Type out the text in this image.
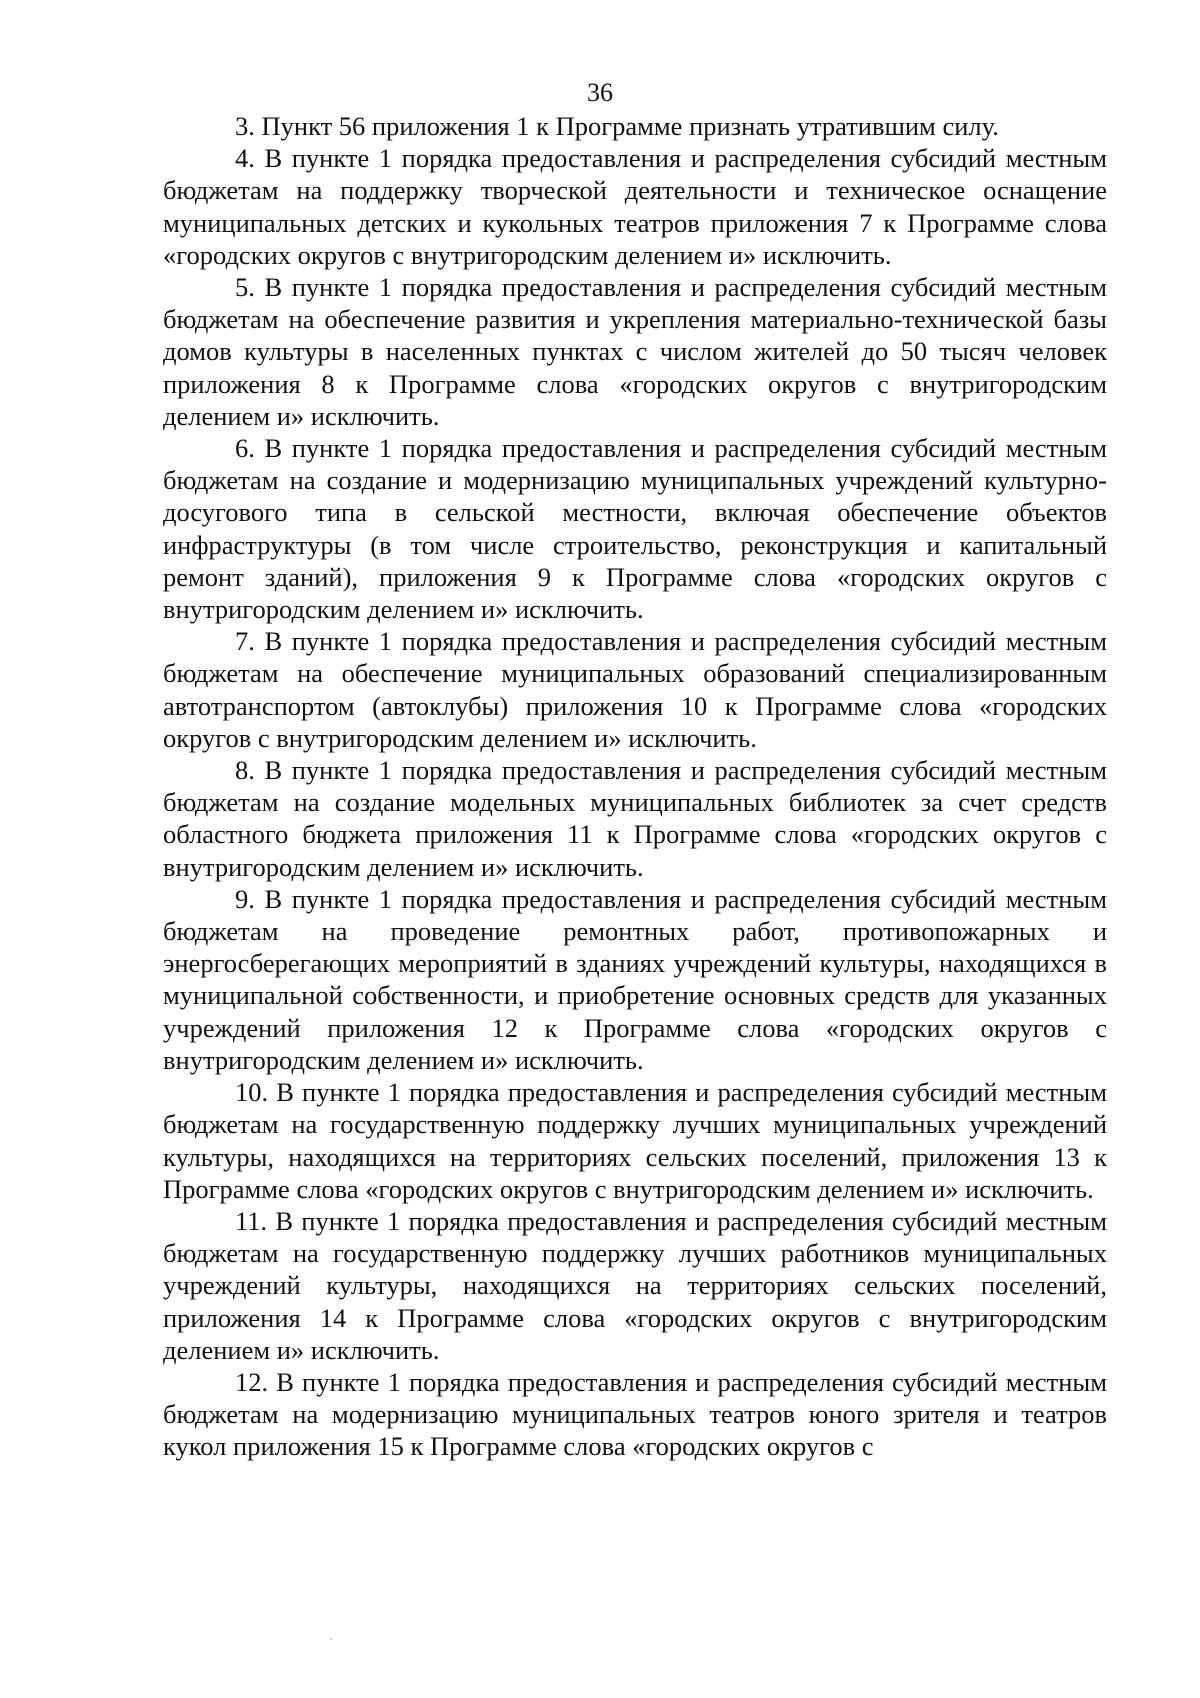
36

3. Пункт 56 приложения 1 к Программе признать утратившим силу.

4. В пункте 1 порядка предоставления и распределения субсидий местным бюджетам на поддержку творческой деятельности и техническое оснащение муниципальных детских и кукольных театров приложения 7 к Программе слова «городских округов с внутригородским делением и» исключить.

5. В пункте 1 порядка предоставления и распределения субсидий местным бюджетам на обеспечение развития и укрепления материально-технической базы домов культуры в населенных пунктах с числом жителей до 50 тысяч человек приложения 8 к Программе слова «городских округов с внутригородским делением и» исключить.

6. В пункте 1 порядка предоставления и распределения субсидий местным бюджетам на создание и модернизацию муниципальных учреждений культурно-досугового типа в сельской местности, включая обеспечение объектов инфраструктуры (в том числе строительство, реконструкция и капитальный ремонт зданий), приложения 9 к Программе слова «городских округов с внутригородским делением и» исключить.

7. В пункте 1 порядка предоставления и распределения субсидий местным бюджетам на обеспечение муниципальных образований специализированным автотранспортом (автоклубы) приложения 10 к Программе слова «городских округов с внутригородским делением и» исключить.

8. В пункте 1 порядка предоставления и распределения субсидий местным бюджетам на создание модельных муниципальных библиотек за счет средств областного бюджета приложения 11 к Программе слова «городских округов с внутригородским делением и» исключить.

9. В пункте 1 порядка предоставления и распределения субсидий местным бюджетам на проведение ремонтных работ, противопожарных и энергосберегающих мероприятий в зданиях учреждений культуры, находящихся в муниципальной собственности, и приобретение основных средств для указанных учреждений приложения 12 к Программе слова «городских округов с внутригородским делением и» исключить.

10. В пункте 1 порядка предоставления и распределения субсидий местным бюджетам на государственную поддержку лучших муниципальных учреждений культуры, находящихся на территориях сельских поселений, приложения 13 к Программе слова «городских округов с внутригородским делением и» исключить.

11. В пункте 1 порядка предоставления и распределения субсидий местным бюджетам на государственную поддержку лучших работников муниципальных учреждений культуры, находящихся на территориях сельских поселений, приложения 14 к Программе слова «городских округов с внутригородским делением и» исключить.

12. В пункте 1 порядка предоставления и распределения субсидий местным бюджетам на модернизацию муниципальных театров юного зрителя и театров кукол приложения 15 к Программе слова «городских округов с
